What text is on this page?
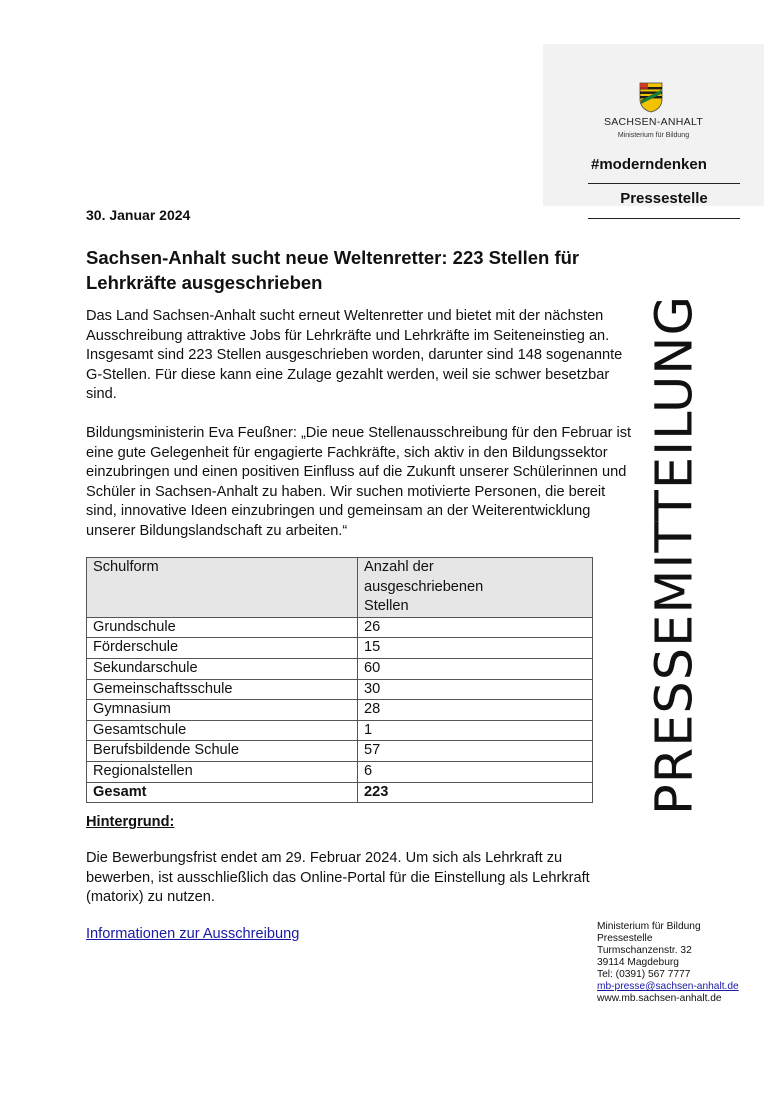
SACHSEN-ANHALT
Ministerium für Bildung
#moderndenken
Pressestelle
PRESSEMITTEILUNG
30. Januar 2024
Sachsen-Anhalt sucht neue Weltenretter: 223 Stellen für Lehrkräfte ausgeschrieben

Das Land Sachsen-Anhalt sucht erneut Weltenretter und bietet mit der nächsten Ausschreibung attraktive Jobs für Lehrkräfte und Lehrkräfte im Seiteneinstieg an. Insgesamt sind 223 Stellen ausgeschrieben worden, darunter sind 148 sogenannte G-Stellen. Für diese kann eine Zulage gezahlt werden, weil sie schwer besetzbar sind.

Bildungsministerin Eva Feußner: „Die neue Stellenausschreibung für den Februar ist eine gute Gelegenheit für engagierte Fachkräfte, sich aktiv in den Bildungssektor einzubringen und einen positiven Einfluss auf die Zukunft unserer Schülerinnen und Schüler in Sachsen-Anhalt zu haben. Wir suchen motivierte Personen, die bereit sind, innovative Ideen einzubringen und gemeinsam an der Weiterentwicklung unserer Bildungslandschaft zu arbeiten.“

Schulform	Anzahl der ausgeschriebenen Stellen

Grundschule	26
Förderschule	15
Sekundarschule	60
Gemeinschaftsschule	30
Gymnasium	28
Gesamtschule	1
Berufsbildende Schule	57
Regionalstellen	6
Gesamt	223
Hintergrund:

Die Bewerbungsfrist endet am 29. Februar 2024. Um sich als Lehrkraft zu bewerben, ist ausschließlich das Online-Portal für die Einstellung als Lehrkraft (matorix) zu nutzen.

Informationen zur Ausschreibung	Ministerium für Bildung
Pressestelle
Turmschanzenstr. 32
39114 Magdeburg
Tel: (0391) 567 7777
mb-presse@sachsen-anhalt.de
www.mb.sachsen-anhalt.de
